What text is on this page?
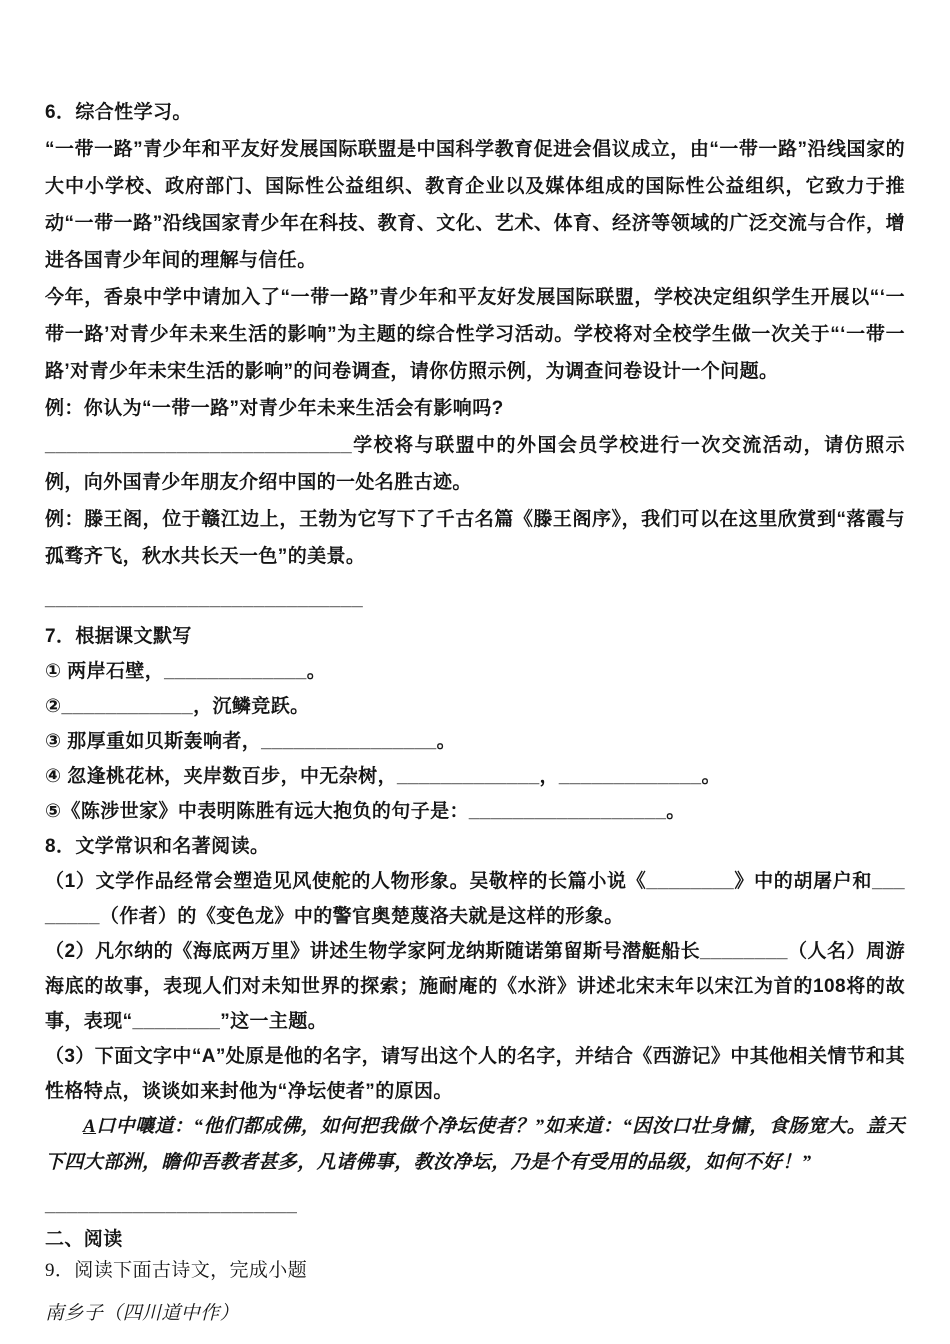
6．综合性学习。

“一带一路”青少年和平友好发展国际联盟是中国科学教育促进会倡议成立，由“一带一路”沿线国家的大中小学校、政府部门、国际性公益组织、教育企业以及媒体组成的国际性公益组织，它致力于推动“一带一路”沿线国家青少年在科技、教育、文化、艺术、体育、经济等领域的广泛交流与合作，增进各国青少年间的理解与信任。

今年，香泉中学中请加入了“一带一路”青少年和平友好发展国际联盟，学校决定组织学生开展以“‘一带一路’对青少年未来生活的影响”为主题的综合性学习活动。学校将对全校学生做一次关于“‘一带一路’对青少年未宋生活的影响”的问卷调查，请你仿照示例，为调查问卷设计一个问题。

例：你认为“一带一路”对青少年未来生活会有影响吗?

____________________________学校将与联盟中的外国会员学校进行一次交流活动，请仿照示例，向外国青少年朋友介绍中国的一处名胜古迹。

例：滕王阁，位于赣江边上，王勃为它写下了千古名篇《滕王阁序》，我们可以在这里欣赏到“落霞与孤骛齐飞，秋水共长天一色”的美景。

_____________________________

7．根据课文默写

① 两岸石壁，_____________。

②____________，沉鳞竞跃。

③ 那厚重如贝斯轰响者，________________。

④ 忽逢桃花林，夹岸数百步，中无杂树，_____________，_____________。

⑤《陈涉世家》中表明陈胜有远大抱负的句子是：__________________。

8．文学常识和名著阅读。

（1）文学作品经常会塑造见风使舵的人物形象。吴敬梓的长篇小说《________》中的胡屠户和________（作者）的《变色龙》中的警官奥楚蔑洛夫就是这样的形象。

（2）凡尔纳的《海底两万里》讲述生物学家阿龙纳斯随诺第留斯号潜艇船长________（人名）周游海底的故事，表现人们对未知世界的探索；施耐庵的《水浒》讲述北宋末年以宋江为首的108将的故事，表现“________”这一主题。

（3）下面文字中“A”处原是他的名字，请写出这个人的名字，并结合《西游记》中其他相关情节和其性格特点，谈谈如来封他为“净坛使者”的原因。

A口中嚷道：“他们都成佛，如何把我做个净坛使者？”如来道：“因汝口壮身慵，食肠宽大。盖天下四大部洲，瞻仰吾教者甚多，凡诸佛事，教汝净坛，乃是个有受用的品级，如何不好！”

_______________________

二、阅读

9．阅读下面古诗文，完成小题

南乡子（四川道中作）
